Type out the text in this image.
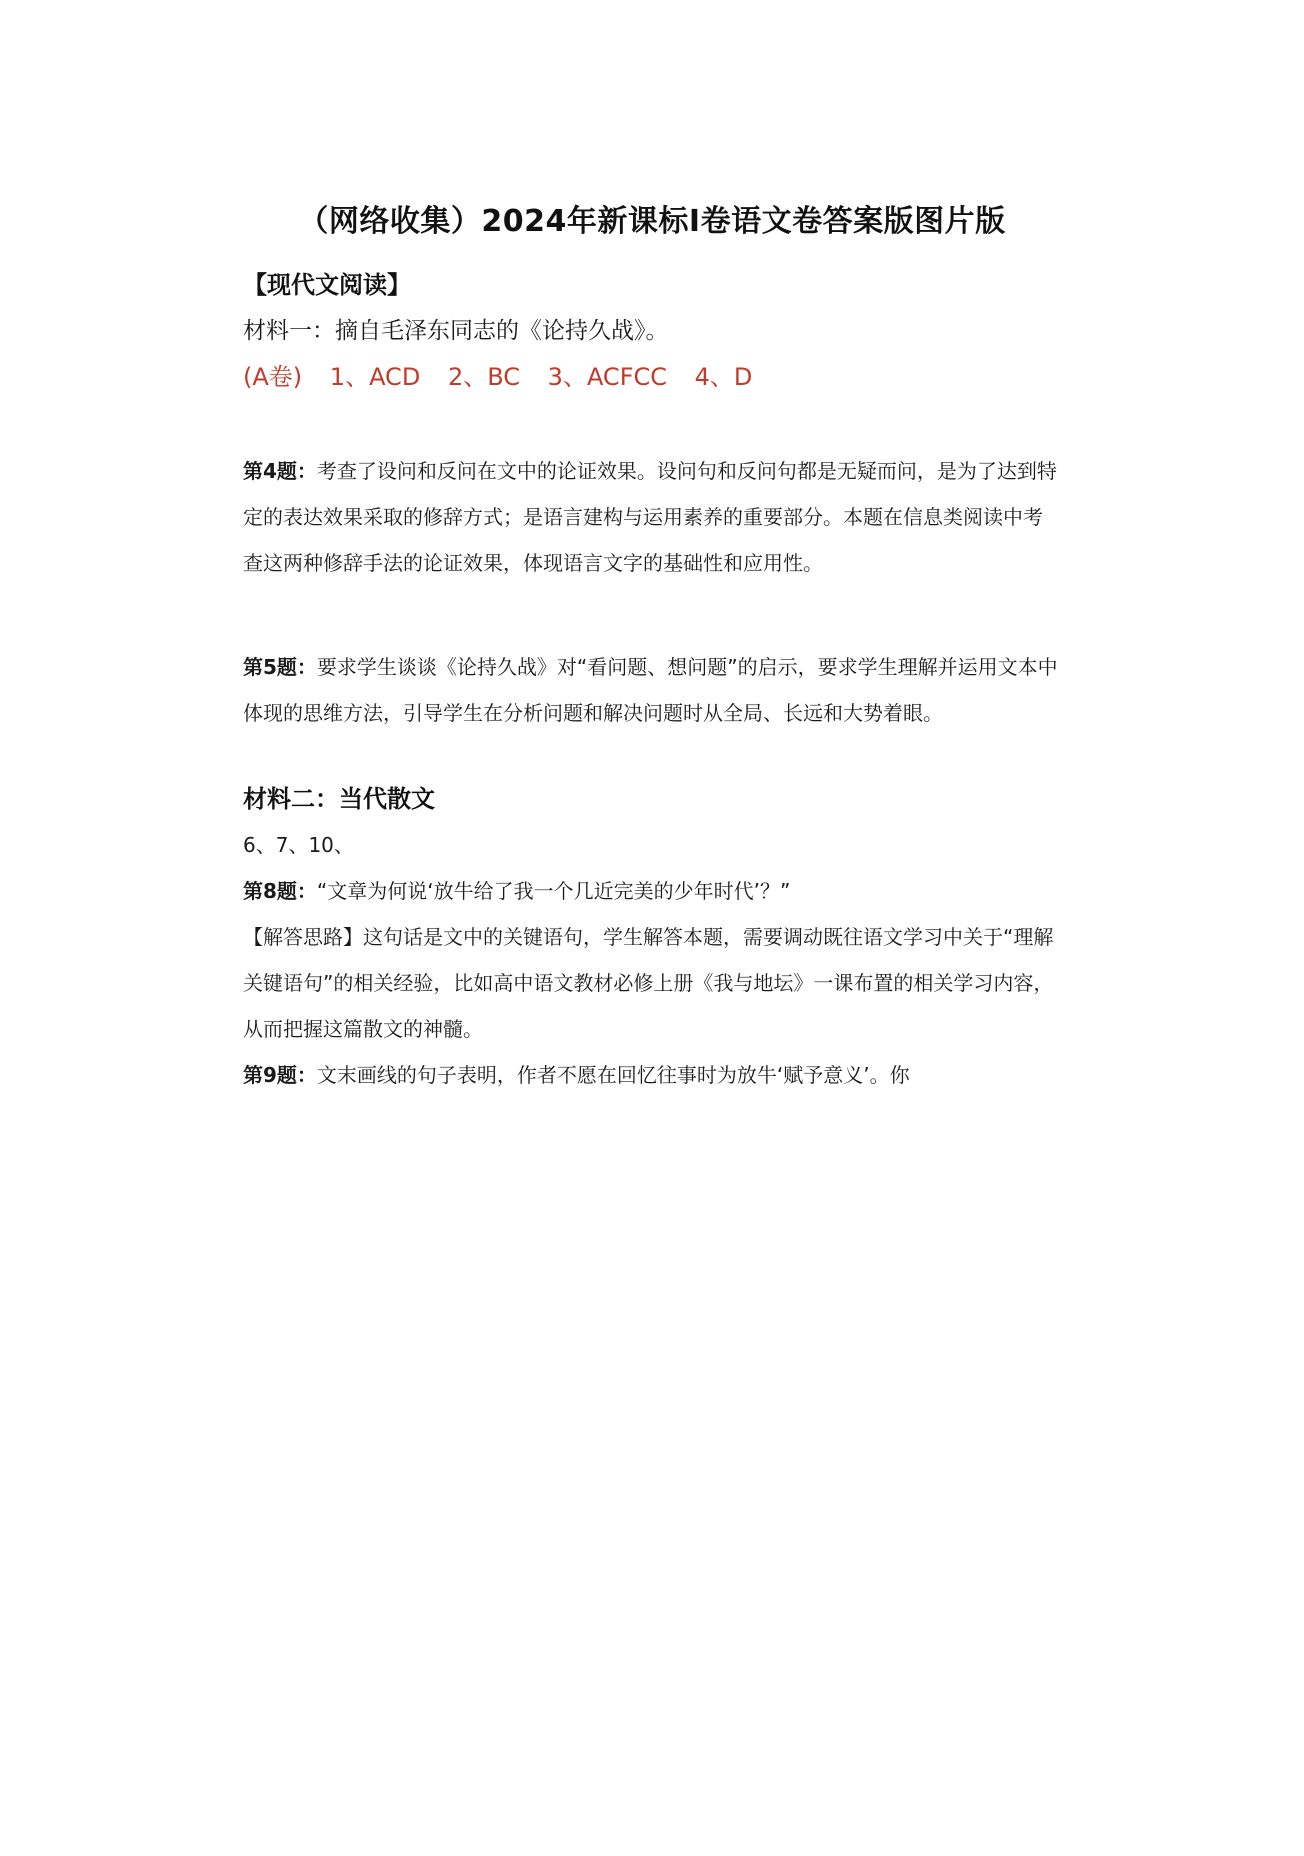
（网络收集）2024年新课标Ⅰ卷语文卷答案版图片版

【现代文阅读】

材料一：摘自毛泽东同志的《论持久战》。

(A卷) 1、ACD 2、BC 3、ACFCC 4、D

第4题：考查了设问和反问在文中的论证效果。设问句和反问句都是无疑而问，是为了达到特定的表达效果采取的修辞方式；是语言建构与运用素养的重要部分。本题在信息类阅读中考查这两种修辞手法的论证效果，体现语言文字的基础性和应用性。

第5题：要求学生谈谈《论持久战》对“看问题、想问题”的启示，要求学生理解并运用文本中体现的思维方法，引导学生在分析问题和解决问题时从全局、长远和大势着眼。

材料二：当代散文

6、7、10、

第8题：“文章为何说‘放牛给了我一个几近完美的少年时代’？”

【解答思路】这句话是文中的关键语句，学生解答本题，需要调动既往语文学习中关于“理解关键语句”的相关经验，比如高中语文教材必修上册《我与地坛》一课布置的相关学习内容，从而把握这篇散文的神髓。

第9题：文末画线的句子表明，作者不愿在回忆往事时为放牛‘赋予意义’。你
